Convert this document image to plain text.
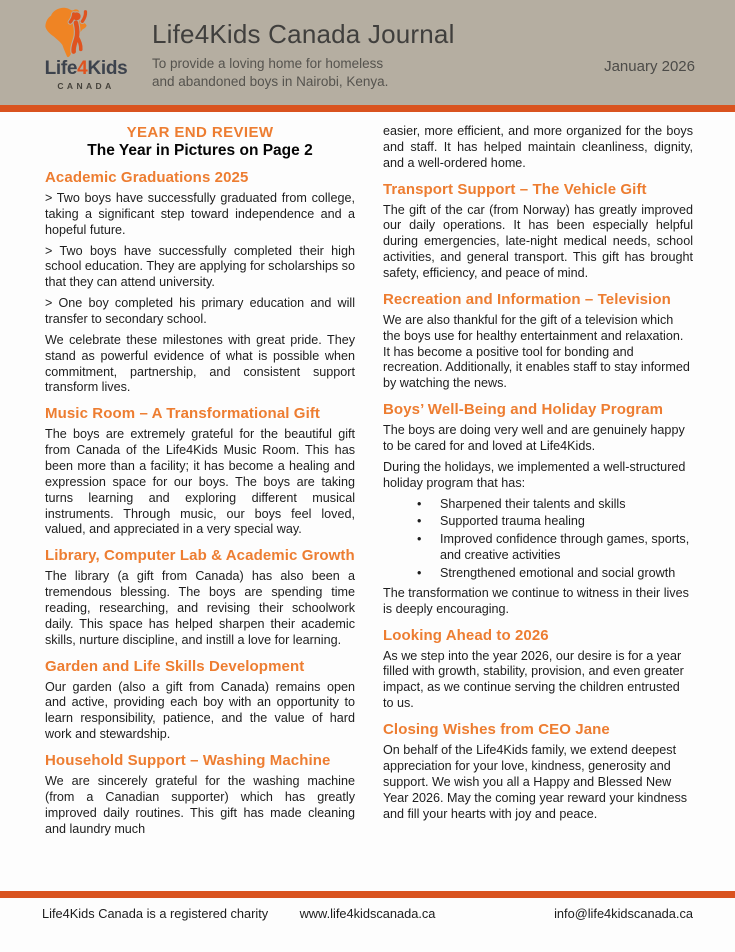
Life4Kids
CANADA
Life4Kids Canada Journal
To provide a loving home for homeless
and abandoned boys in Nairobi, Kenya.
January 2026
YEAR END REVIEW
The Year in Pictures on Page 2
Academic Graduations 2025

> Two boys have successfully graduated from college, taking a significant step toward independence and a hopeful future.

> Two boys have successfully completed their high school education. They are applying for scholarships so that they can attend university.

> One boy completed his primary education and will transfer to secondary school.

We celebrate these milestones with great pride. They stand as powerful evidence of what is possible when commitment, partnership, and consistent support transform lives.

Music Room – A Transformational Gift

The boys are extremely grateful for the beautiful gift from Canada of the Life4Kids Music Room. This has been more than a facility; it has become a healing and expression space for our boys. The boys are taking turns learning and exploring different musical instruments. Through music, our boys feel loved, valued, and appreciated in a very special way.

Library, Computer Lab & Academic Growth

The library (a gift from Canada) has also been a tremendous blessing. The boys are spending time reading, researching, and revising their schoolwork daily. This space has helped sharpen their academic skills, nurture discipline, and instill a love for learning.

Garden and Life Skills Development

Our garden (also a gift from Canada) remains open and active, providing each boy with an opportunity to learn responsibility, patience, and the value of hard work and stewardship.

Household Support – Washing Machine

We are sincerely grateful for the washing machine (from a Canadian supporter) which has greatly improved daily routines. This gift has made cleaning and laundry much

easier, more efficient, and more organized for the boys and staff. It has helped maintain cleanliness, dignity, and a well-ordered home.

Transport Support – The Vehicle Gift

The gift of the car (from Norway) has greatly improved our daily operations. It has been especially helpful during emergencies, late-night medical needs, school activities, and general transport. This gift has brought safety, efficiency, and peace of mind.

Recreation and Information – Television

We are also thankful for the gift of a television which the boys use for healthy entertainment and relaxation. It has become a positive tool for bonding and recreation. Additionally, it enables staff to stay informed by watching the news.

Boys’ Well-Being and Holiday Program

The boys are doing very well and are genuinely happy to be cared for and loved at Life4Kids.

During the holidays, we implemented a well-structured holiday program that has:

• Sharpened their talents and skills
• Supported trauma healing
• Improved confidence through games, sports, and creative activities
• Strengthened emotional and social growth

The transformation we continue to witness in their lives is deeply encouraging.

Looking Ahead to 2026

As we step into the year 2026, our desire is for a year filled with growth, stability, provision, and even greater impact, as we continue serving the children entrusted to us.

Closing Wishes from CEO Jane

On behalf of the Life4Kids family, we extend deepest appreciation for your love, kindness, generosity and support. We wish you all a Happy and Blessed New Year 2026. May the coming year reward your kindness and fill your hearts with joy and peace.

Life4Kids Canada is a registered charity www.life4kidscanada.ca	info@life4kidscanada.ca
